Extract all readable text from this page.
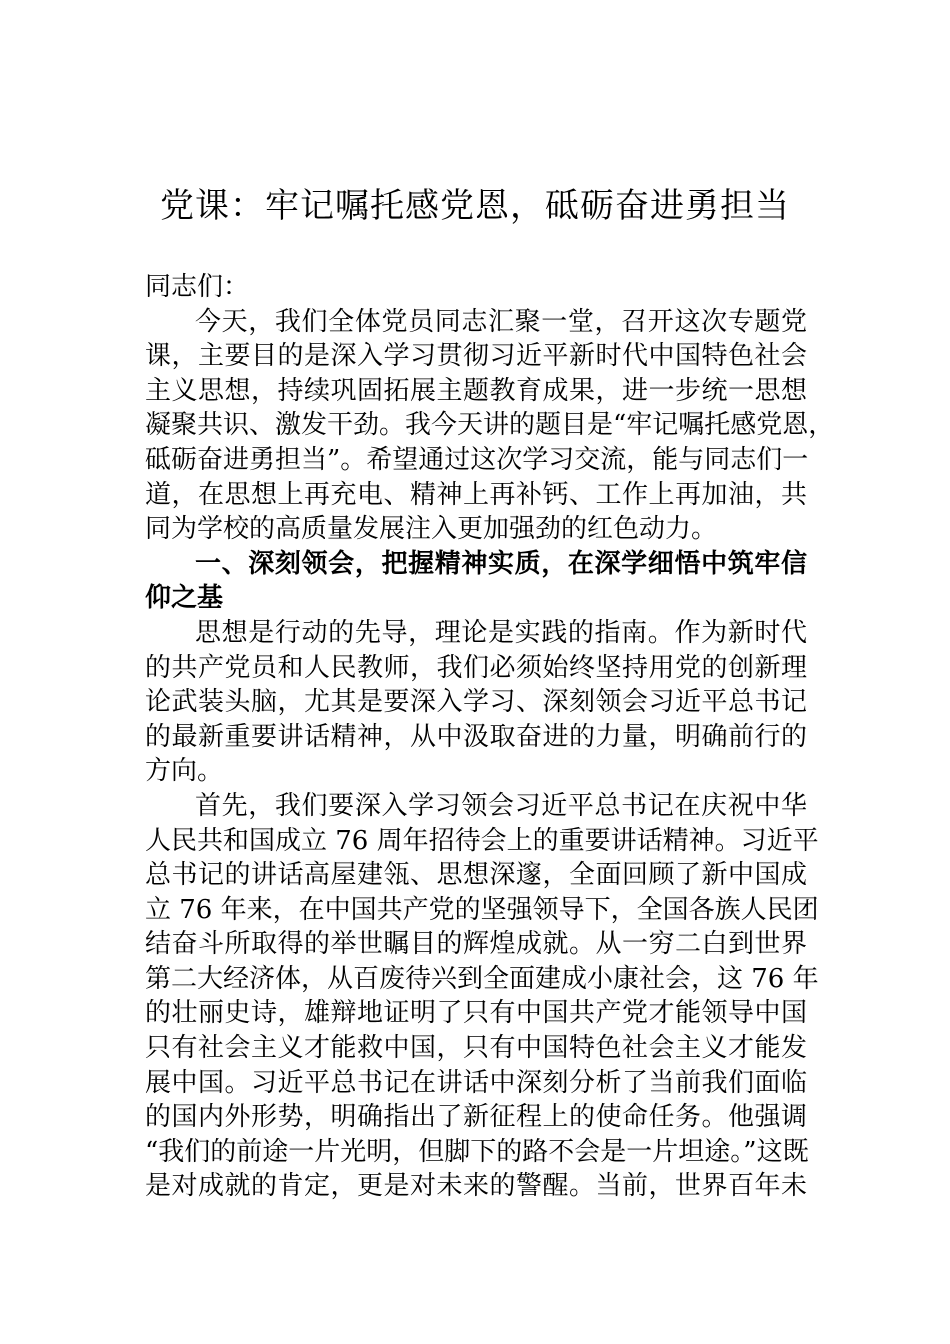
党课：牢记嘱托感党恩，砥砺奋进勇担当
同志们：
今天，我们全体党员同志汇聚一堂，召开这次专题党
课，主要目的是深入学习贯彻习近平新时代中国特色社会
主义思想，持续巩固拓展主题教育成果，进一步统一思想
凝聚共识、激发干劲。我今天讲的题目是“牢记嘱托感党恩，
砥砺奋进勇担当”。希望通过这次学习交流，能与同志们一
道，在思想上再充电、精神上再补钙、工作上再加油，共
同为学校的高质量发展注入更加强劲的红色动力。
一、深刻领会，把握精神实质，在深学细悟中筑牢信
仰之基
思想是行动的先导，理论是实践的指南。作为新时代
的共产党员和人民教师，我们必须始终坚持用党的创新理
论武装头脑，尤其是要深入学习、深刻领会习近平总书记
的最新重要讲话精神，从中汲取奋进的力量，明确前行的
方向。
首先，我们要深入学习领会习近平总书记在庆祝中华
人民共和国成立 76 周年招待会上的重要讲话精神。习近平
总书记的讲话高屋建瓴、思想深邃，全面回顾了新中国成
立 76 年来，在中国共产党的坚强领导下，全国各族人民团
结奋斗所取得的举世瞩目的辉煌成就。从一穷二白到世界
第二大经济体，从百废待兴到全面建成小康社会，这 76 年
的壮丽史诗，雄辩地证明了只有中国共产党才能领导中国
只有社会主义才能救中国，只有中国特色社会主义才能发
展中国。习近平总书记在讲话中深刻分析了当前我们面临
的国内外形势，明确指出了新征程上的使命任务。他强调
“我们的前途一片光明，但脚下的路不会是一片坦途。”这既
是对成就的肯定，更是对未来的警醒。当前，世界百年未
